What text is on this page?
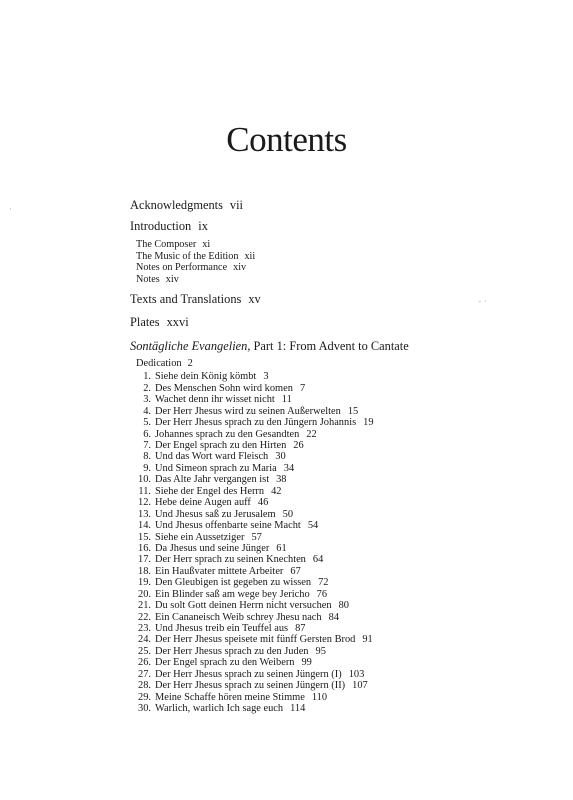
Contents
Acknowledgments vii
Introduction ix
The Composer xi
The Music of the Edition xii
Notes on Performance xiv
Notes xiv
Texts and Translations xv
Plates xxvi
Sontägliche Evangelien, Part 1: From Advent to Cantate
Dedication 2
1. Siehe dein König kömbt 3
2. Des Menschen Sohn wird komen 7
3. Wachet denn ihr wisset nicht 11
4. Der Herr Jhesus wird zu seinen Außerwelten 15
5. Der Herr Jhesus sprach zu den Jüngern Johannis 19
6. Johannes sprach zu den Gesandten 22
7. Der Engel sprach zu den Hirten 26
8. Und das Wort ward Fleisch 30
9. Und Simeon sprach zu Maria 34
10. Das Alte Jahr vergangen ist 38
11. Siehe der Engel des Herrn 42
12. Hebe deine Augen auff 46
13. Und Jhesus saß zu Jerusalem 50
14. Und Jhesus offenbarte seine Macht 54
15. Siehe ein Aussetziger 57
16. Da Jhesus und seine Jünger 61
17. Der Herr sprach zu seinen Knechten 64
18. Ein Haußvater mittete Arbeiter 67
19. Den Gleubigen ist gegeben zu wissen 72
20. Ein Blinder saß am wege bey Jericho 76
21. Du solt Gott deinen Herrn nicht versuchen 80
22. Ein Cananeisch Weib schrey Jhesu nach 84
23. Und Jhesus treib ein Teuffel aus 87
24. Der Herr Jhesus speisete mit fünff Gersten Brod 91
25. Der Herr Jhesus sprach zu den Juden 95
26. Der Engel sprach zu den Weibern 99
27. Der Herr Jhesus sprach zu seinen Jüngern (I) 103
28. Der Herr Jhesus sprach zu seinen Jüngern (II) 107
29. Meine Schaffe hören meine Stimme 110
30. Warlich, warlich Ich sage euch 114
·
‐ ·
